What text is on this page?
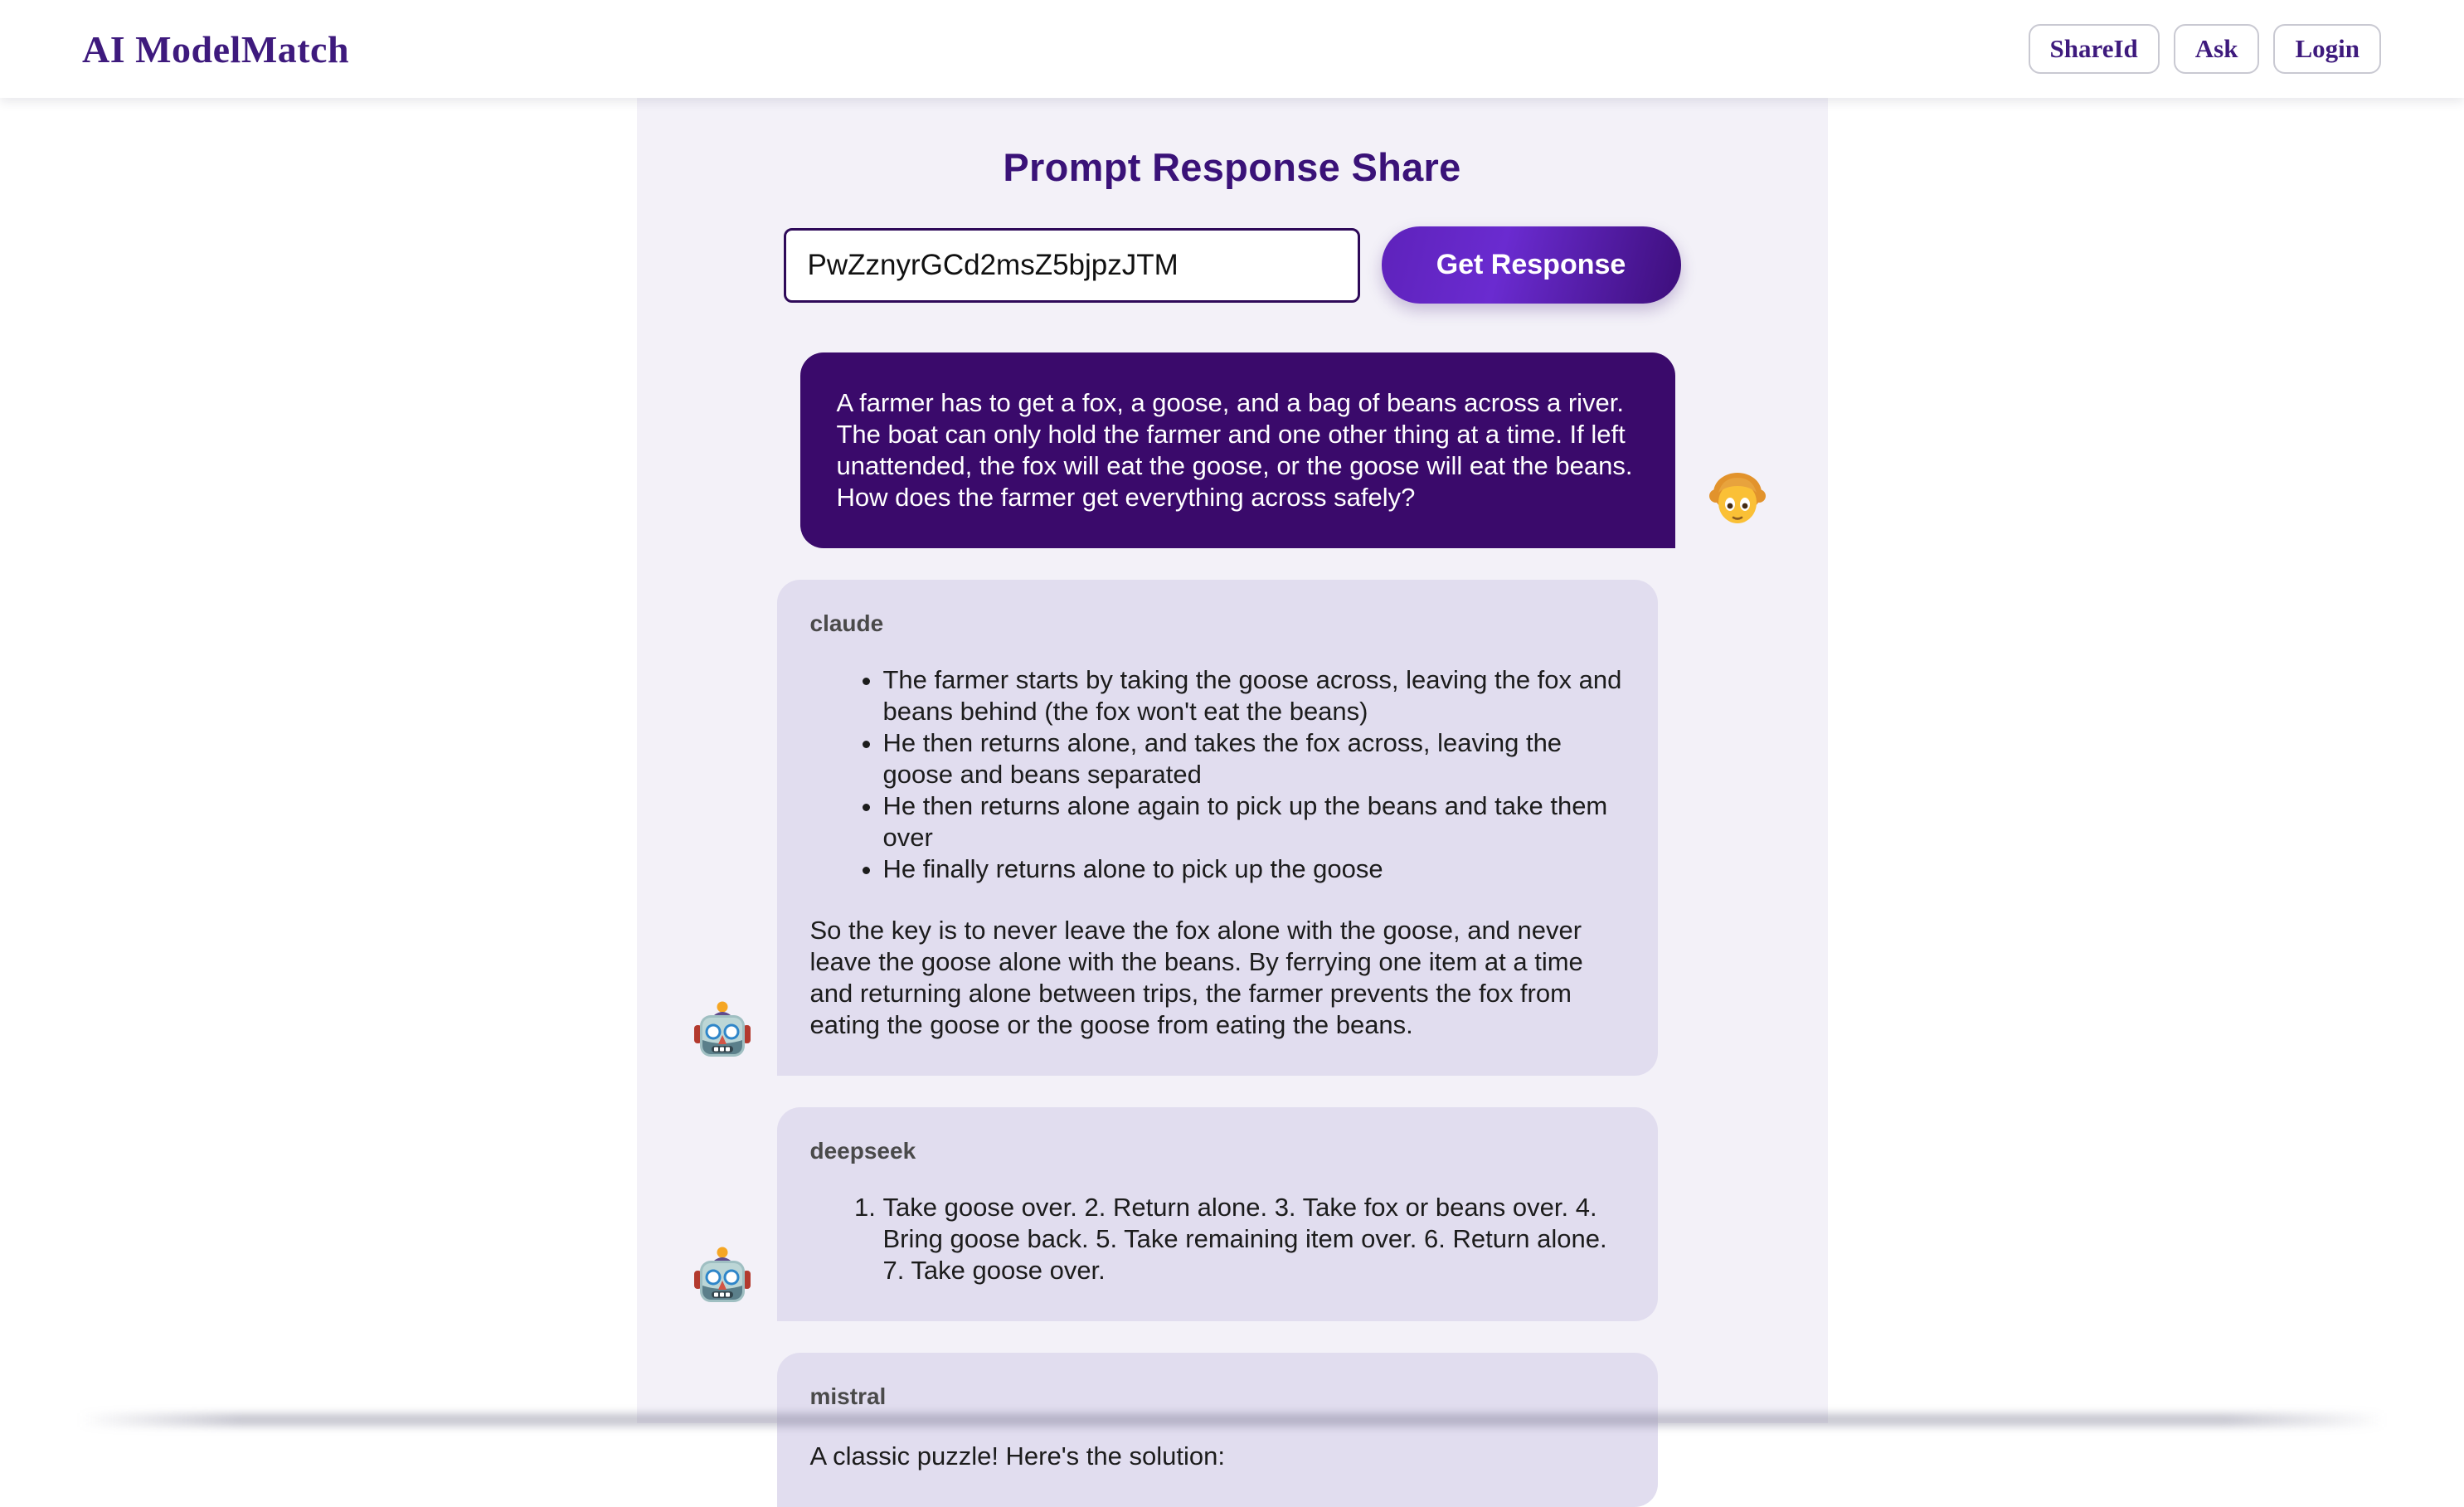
AI ModelMatch	ShareId	Ask	Login
Prompt Response Share
PwZznyrGCd2msZ5bjpzJTM
Get Response
A farmer has to get a fox, a goose, and a bag of beans across a river. The boat can only hold the farmer and one other thing at a time. If left unattended, the fox will eat the goose, or the goose will eat the beans. How does the farmer get everything across safely?
claude
• The farmer starts by taking the goose across, leaving the fox and beans behind (the fox won't eat the beans)
• He then returns alone, and takes the fox across, leaving the goose and beans separated
• He then returns alone again to pick up the beans and take them over
• He finally returns alone to pick up the goose

So the key is to never leave the fox alone with the goose, and never leave the goose alone with the beans. By ferrying one item at a time and returning alone between trips, the farmer prevents the fox from eating the goose or the goose from eating the beans.

deepseek
1. Take goose over. 2. Return alone. 3. Take fox or beans over. 4. Bring goose back. 5. Take remaining item over. 6. Return alone. 7. Take goose over.
mistral

A classic puzzle! Here's the solution:
